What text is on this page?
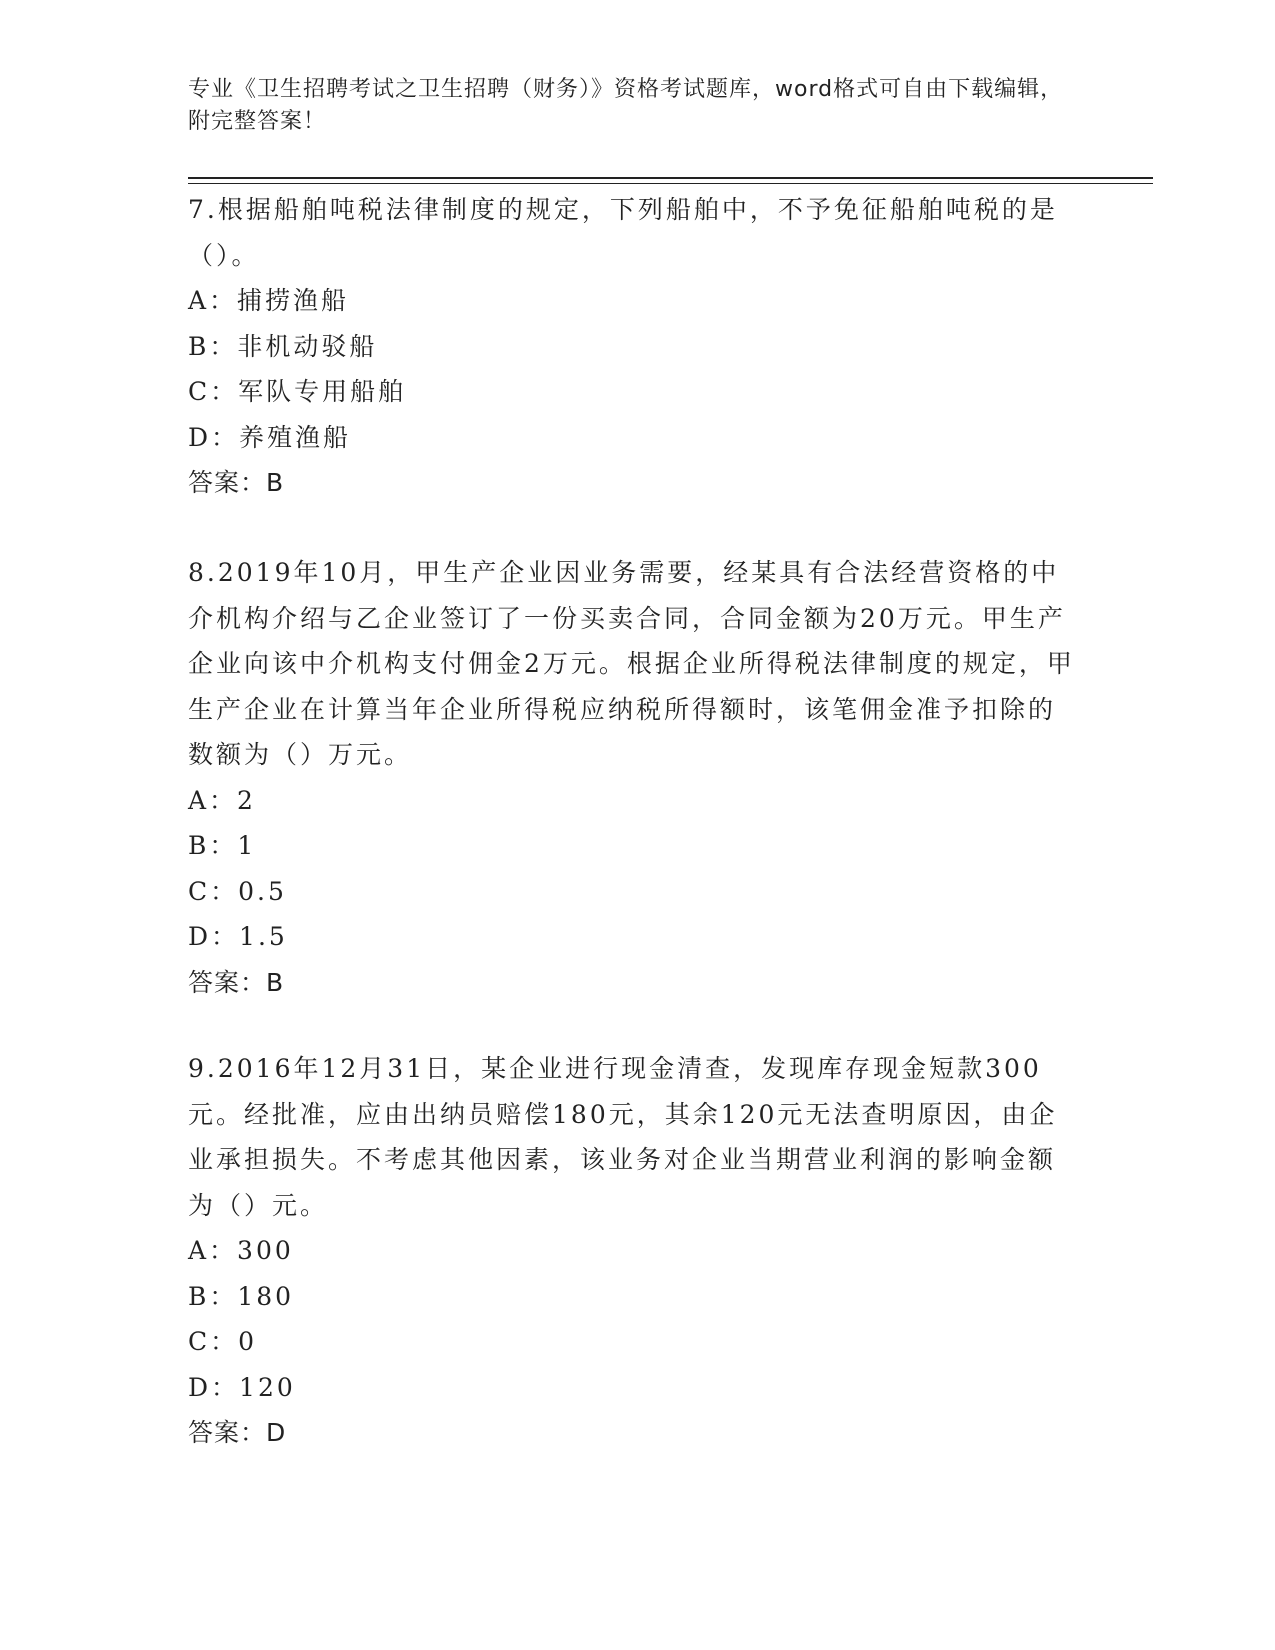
专业《卫生招聘考试之卫生招聘（财务）》资格考试题库，word格式可自由下载编辑，附完整答案！

7.根据船舶吨税法律制度的规定，下列船舶中，不予免征船舶吨税的是（）。

A：捕捞渔船

B：非机动驳船

C：军队专用船舶

D：养殖渔船

答案：B

8.2019年10月，甲生产企业因业务需要，经某具有合法经营资格的中介机构介绍与乙企业签订了一份买卖合同，合同金额为20万元。甲生产企业向该中介机构支付佣金2万元。根据企业所得税法律制度的规定，甲生产企业在计算当年企业所得税应纳税所得额时，该笔佣金准予扣除的数额为（）万元。

A：2

B：1

C：0.5

D：1.5

答案：B

9.2016年12月31日，某企业进行现金清查，发现库存现金短款300元。经批准，应由出纳员赔偿180元，其余120元无法查明原因，由企业承担损失。不考虑其他因素，该业务对企业当期营业利润的影响金额为（）元。

A：300

B：180

C：0

D：120

答案：D
